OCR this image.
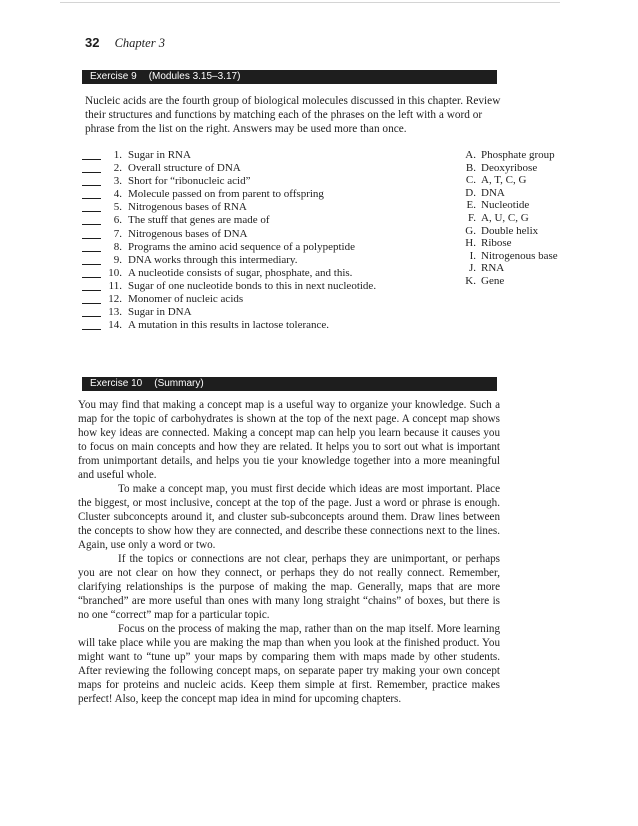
32 Chapter 3
Exercise 9 (Modules 3.15–3.17)

Nucleic acids are the fourth group of biological molecules discussed in this chapter. Review their structures and functions by matching each of the phrases on the left with a word or phrase from the list on the right. Answers may be used more than once.

1. Sugar in RNA
2. Overall structure of DNA
3. Short for “ribonucleic acid”
4. Molecule passed on from parent to offspring
5. Nitrogenous bases of RNA
6. The stuff that genes are made of
7. Nitrogenous bases of DNA
8. Programs the amino acid sequence of a polypeptide
9. DNA works through this intermediary.
10. A nucleotide consists of sugar, phosphate, and this.
11. Sugar of one nucleotide bonds to this in next nucleotide.
12. Monomer of nucleic acids
13. Sugar in DNA
14. A mutation in this results in lactose tolerance.
A. Phosphate group
B. Deoxyribose
C. A, T, C, G
D. DNA
E. Nucleotide
F. A, U, C, G
G. Double helix
H. Ribose
I. Nitrogenous base
J. RNA
K. Gene
Exercise 10 (Summary)

You may find that making a concept map is a useful way to organize your knowledge. Such a map for the topic of carbohydrates is shown at the top of the next page. A concept map shows how key ideas are connected. Making a concept map can help you learn because it causes you to focus on main concepts and how they are related. It helps you to sort out what is important from unimportant details, and helps you tie your knowledge together into a more meaningful and useful whole.

To make a concept map, you must first decide which ideas are most important. Place the biggest, or most inclusive, concept at the top of the page. Just a word or phrase is enough. Cluster subconcepts around it, and cluster sub-subconcepts around them. Draw lines between the concepts to show how they are connected, and describe these connections next to the lines. Again, use only a word or two.

If the topics or connections are not clear, perhaps they are unimportant, or perhaps you are not clear on how they connect, or perhaps they do not really connect. Remember, clarifying relationships is the purpose of making the map. Generally, maps that are more “branched” are more useful than ones with many long straight “chains” of boxes, but there is no one “correct” map for a particular topic.

Focus on the process of making the map, rather than on the map itself. More learning will take place while you are making the map than when you look at the finished product. You might want to “tune up” your maps by comparing them with maps made by other students. After reviewing the following concept maps, on separate paper try making your own concept maps for proteins and nucleic acids. Keep them simple at first. Remember, practice makes perfect! Also, keep the concept map idea in mind for upcoming chapters.
